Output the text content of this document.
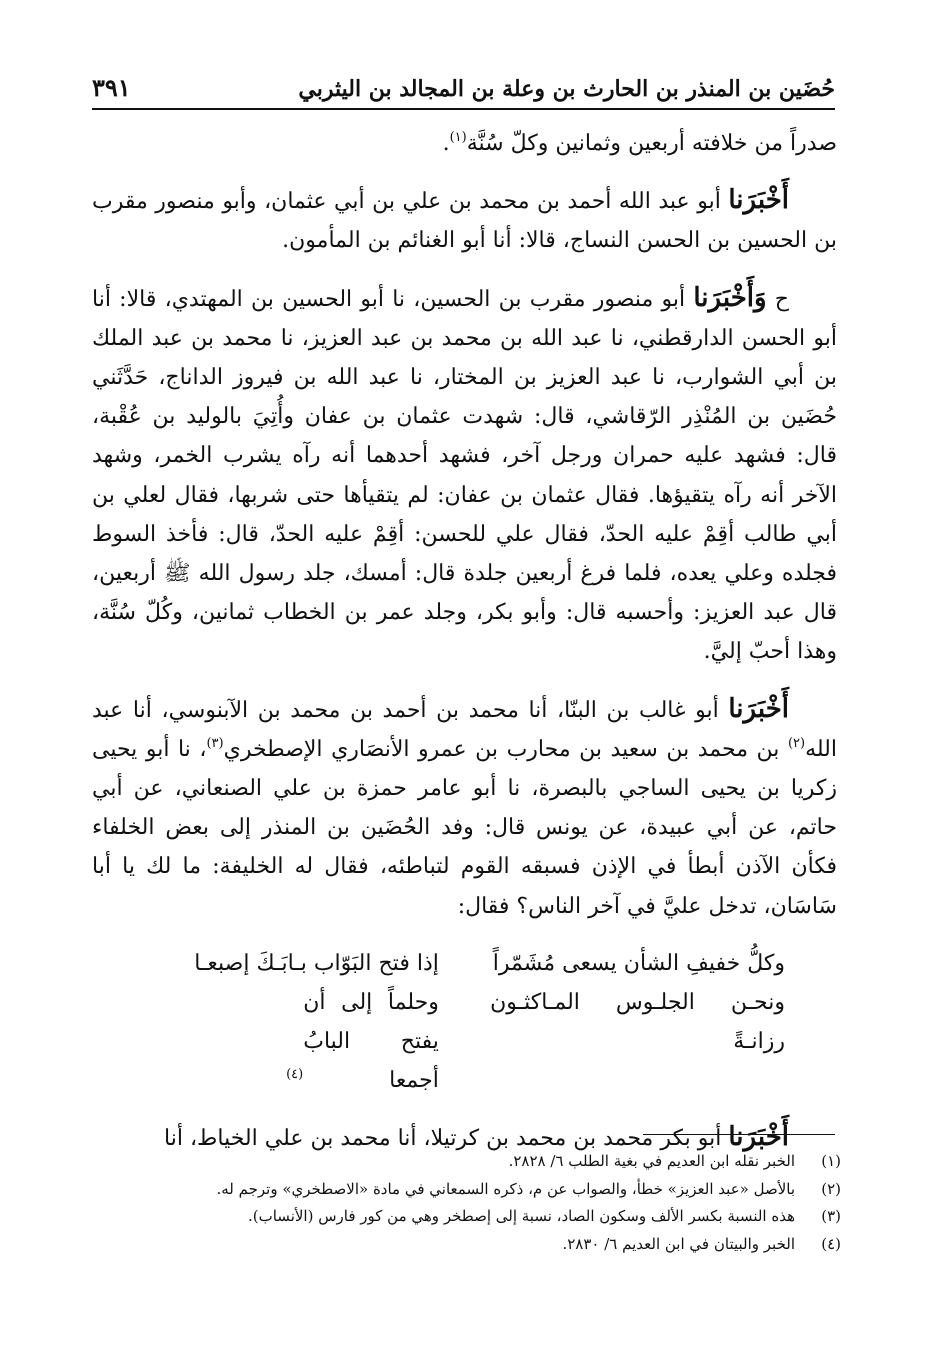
حُضَين بن المنذر بن الحارث بن وعلة بن المجالد بن اليثربي
٣٩١

صدراً من خلافته أربعين وثمانين وكلّ سُنَّة$^{(١)}$.

أَخْبَرَنا أبو عبد الله أحمد بن محمد بن علي بن أبي عثمان، وأبو منصور مقرب بن الحسين بن الحسن النساج، قالا: أنا أبو الغنائم بن المأمون.

ح وَأَخْبَرَنا أبو منصور مقرب بن الحسين، نا أبو الحسين بن المهتدي، قالا: أنا أبو الحسن الدارقطني، نا عبد الله بن محمد بن عبد العزيز، نا محمد بن عبد الملك بن أبي الشوارب، نا عبد العزيز بن المختار، نا عبد الله بن فيروز الداناج، حَدَّثَني حُضَين بن المُنْذِر الرّقاشي، قال: شهدت عثمان بن عفان وأُتِيَ بالوليد بن عُقْبة، قال: فشهد عليه حمران ورجل آخر، فشهد أحدهما أنه رآه يشرب الخمر، وشهد الآخر أنه رآه يتقيؤها. فقال عثمان بن عفان: لم يتقيأها حتى شربها، فقال لعلي بن أبي طالب أقِمْ عليه الحدّ، فقال علي للحسن: أقِمْ عليه الحدّ، قال: فأخذ السوط فجلده وعلي يعده، فلما فرغ أربعين جلدة قال: أمسك، جلد رسول الله ﷺ أربعين، قال عبد العزيز: وأحسبه قال: وأبو بكر، وجلد عمر بن الخطاب ثمانين، وكُلّ سُنَّة، وهذا أحبّ إليَّ.

أَخْبَرَنا أبو غالب بن البنّا، أنا محمد بن أحمد بن محمد بن الآبنوسي، أنا عبد الله$^{(٢)}$ بن محمد بن سعيد بن محارب بن عمرو الأنصَاري الإصطخري$^{(٣)}$، نا أبو يحيى زكريا بن يحيى الساجي بالبصرة، نا أبو عامر حمزة بن علي الصنعاني، عن أبي حاتم، عن أبي عبيدة، عن يونس قال: وفد الحُضَين بن المنذر إلى بعض الخلفاء فكأن الآذن أبطأ في الإذن فسبقه القوم لتباطئه، فقال له الخليفة: ما لك يا أبا سَاسَان، تدخل عليَّ في آخر الناس؟ فقال:

وكلُّ خفيفِ الشأن يسعى مُشَمّراً
إذا فتح البَوّاب بـابَـكَ إصبعـا
ونحـن الجلـوس المـاكثـون رزانـةً
وحلماً إلى أن يفتح البابُ أجمعا$^{(٤)}$

أَخْبَرَنا أبو بكر محمد بن محمد بن كرتيلا، أنا محمد بن علي الخياط، أنا

(١)
الخبر نقله ابن العديم في بغية الطلب ٦/ ٢٨٢٨.
(٢)
بالأصل «عبد العزيز» خطأ، والصواب عن م، ذكره السمعاني في مادة «الاصطخري» وترجم له.
(٣)
هذه النسبة بكسر الألف وسكون الصاد، نسبة إلى إصطخر وهي من كور فارس (الأنساب).
(٤)
الخبر والبيتان في ابن العديم ٦/ ٢٨٣٠.
